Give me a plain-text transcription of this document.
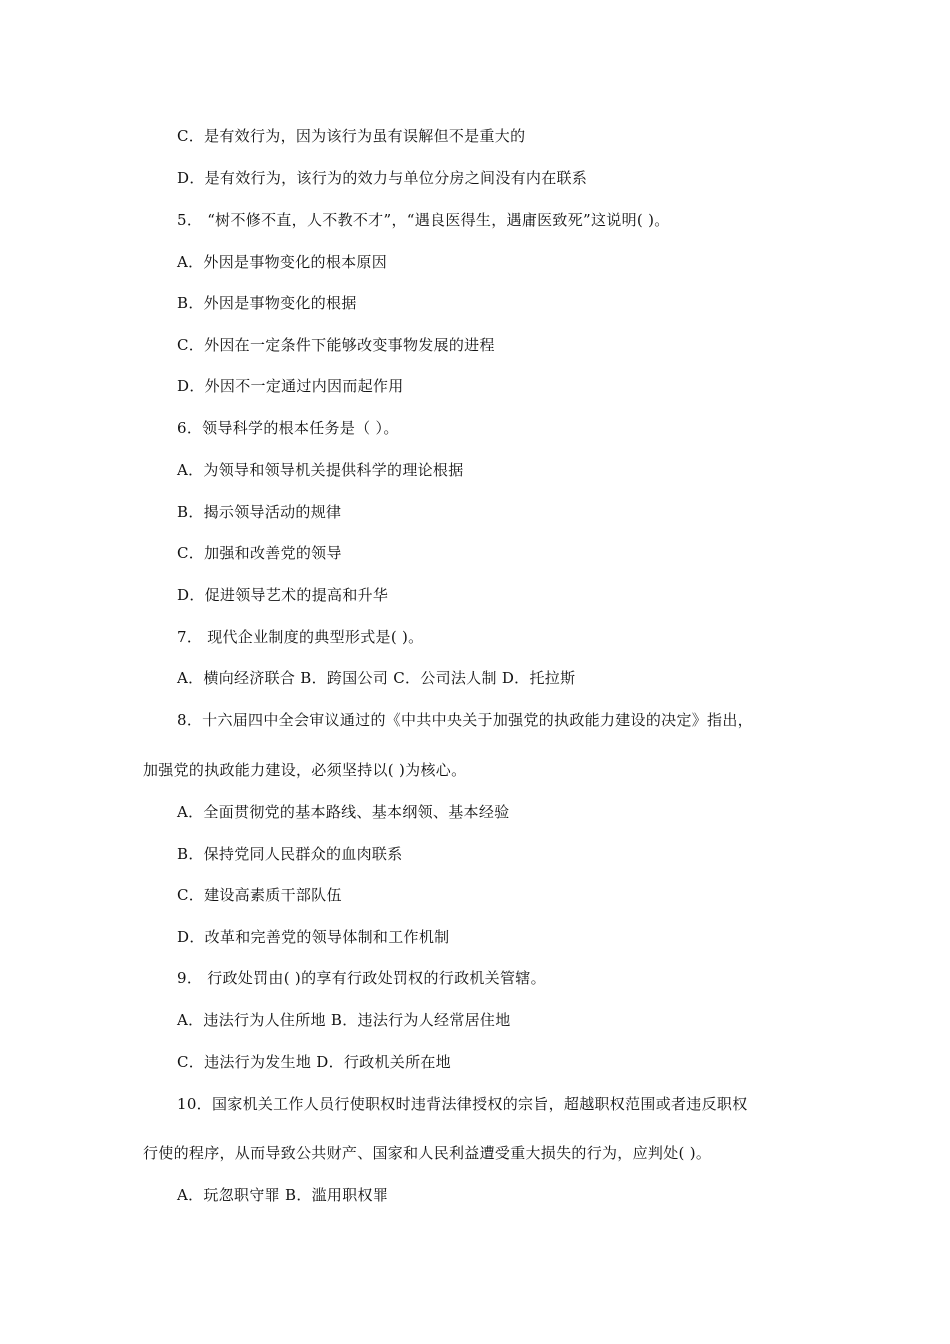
C．是有效行为，因为该行为虽有误解但不是重大的
D．是有效行为，该行为的效力与单位分房之间没有内在联系
5． “树不修不直，人不教不才”，“遇良医得生，遇庸医致死”这说明( )。
A．外因是事物变化的根本原因
B．外因是事物变化的根据
C．外因在一定条件下能够改变事物发展的进程
D．外因不一定通过内因而起作用
6．领导科学的根本任务是（ ）。
A．为领导和领导机关提供科学的理论根据
B．揭示领导活动的规律
C．加强和改善党的领导
D．促进领导艺术的提高和升华
7． 现代企业制度的典型形式是( )。
A．横向经济联合 B．跨国公司 C．公司法人制 D．托拉斯
8．十六届四中全会审议通过的《中共中央关于加强党的执政能力建设的决定》指出，
加强党的执政能力建设，必须坚持以( )为核心。
A．全面贯彻党的基本路线、基本纲领、基本经验
B．保持党同人民群众的血肉联系
C．建设高素质干部队伍
D．改革和完善党的领导体制和工作机制
9． 行政处罚由( )的享有行政处罚权的行政机关管辖。
A．违法行为人住所地 B．违法行为人经常居住地
C．违法行为发生地 D．行政机关所在地
10．国家机关工作人员行使职权时违背法律授权的宗旨，超越职权范围或者违反职权
行使的程序，从而导致公共财产、国家和人民利益遭受重大损失的行为，应判处( )。
A．玩忽职守罪 B．滥用职权罪
